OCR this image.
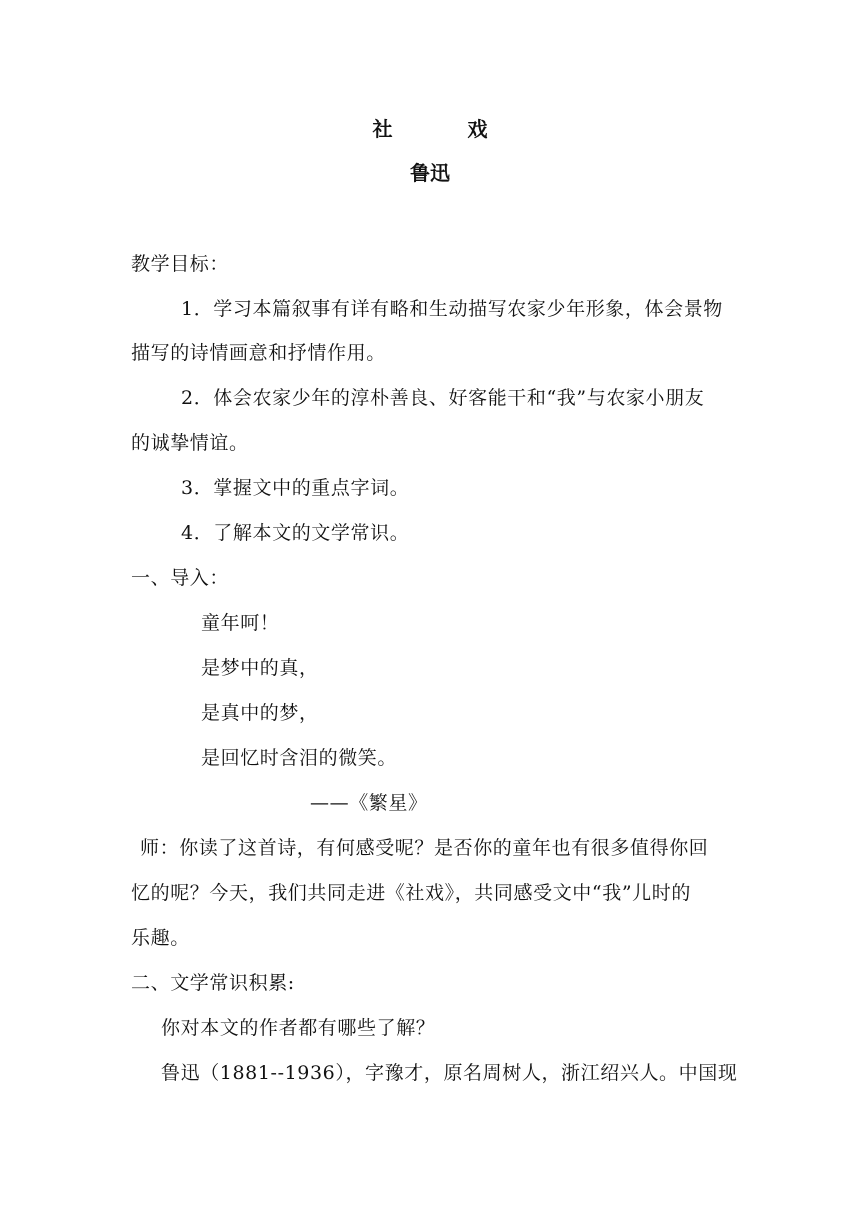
社 戏
鲁迅
教学目标：
1．学习本篇叙事有详有略和生动描写农家少年形象，体会景物
描写的诗情画意和抒情作用。
2．体会农家少年的淳朴善良、好客能干和“我”与农家小朋友
的诚挚情谊。
3．掌握文中的重点字词。
4．了解本文的文学常识。
一、导入：
童年呵！
是梦中的真，
是真中的梦，
是回忆时含泪的微笑。
——《繁星》
师：你读了这首诗，有何感受呢？是否你的童年也有很多值得你回
忆的呢？今天，我们共同走进《社戏》，共同感受文中“我”儿时的
乐趣。
二、文学常识积累:
你对本文的作者都有哪些了解？
鲁迅（1881--1936），字豫才，原名周树人，浙江绍兴人。中国现
